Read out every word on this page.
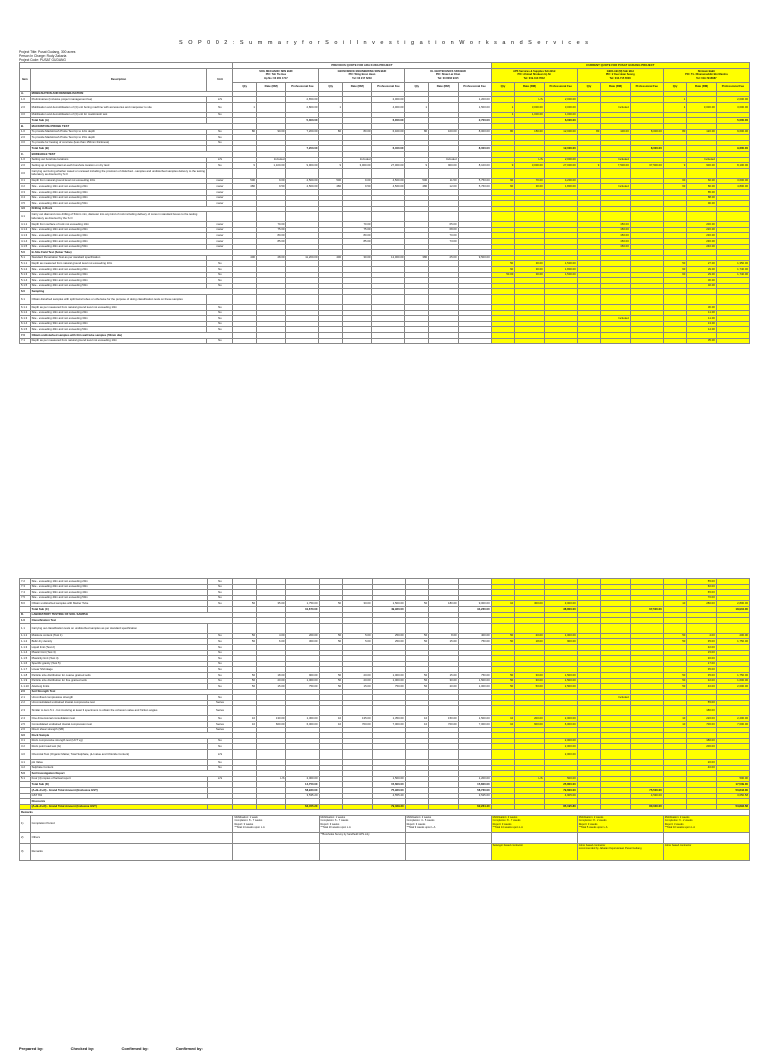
S O P 0 0 2 : S u m m a r y f o r S o i l I n v e s t i g a t i o n W o r k s a n d S e r v i c e s
Project Title: Pusat Gudang, 300 acres
Person In Charge: Rudy Zakaria
Project Code: PUSAT GUDANG
			PREVIOUS QUOTE FOR ARA KUDA PROJECT									CURRENT QUOTE FOR PUSAT GUDANG PROJECT								
Item	Description	Unit	SOIL MECHANIC SDN BHD
PIC: Teh Tie Hee
Hp No: 03 281 1717			GEOSCIENCE ENGINEERING SDN BHD
PIC: Wing Boon Hean
Tel: 03 217 6233			KL GEOTECHNICS SDN BHD
PIC: Shaw Lai Chan
Tel: 03 8062 9315			APS Services & Supplies Sdn Bhd
PIC: Ahmad Shukeen Hj Ali
Tel: 019-313 7842			GEOLAB (M) Sdn Bhd
PIC: Ir Kee Hean Seong
Tel: 016-715 6500			Shimam Bakti
PIC: Tn. Dhanamuddin Bin Mastira
Tel: 019-7916687		
			Qty	Rate (RM)	Professional Fee	Qty	Rate (RM)	Professional Fee	Qty	Rate (RM)	Professional Fee	Qty	Rate (RM)	Professional Fee	Qty	Rate (RM)	Professional Fee	Qty	Rate (RM)	Professional Fee
A.	MOBILISATION AND DEMOBILISATION																			
1.0	Preliminaries (Inclusive project management fee)	L/S			2,650.00			2,000.00			1,200.00		L/S	2,000.00				1		2,000.00
2.0	Mobilisation and demobilisation of (3) unit boring machine with accessories and manpower to site	No	1		2,800.00	1		4,000.00	1		1,500.00	1	3,000.00	3,000.00		Included		1	3,000.00	3,000.00
3.0	Mobilisation and demobilisation of (3) unit for mackintosh test	No										1	1,000.00	1,000.00						
	Total Sub (A)				5,300.00			6,000.00			2,700.00			6,000.00						5,000.00
B.	MACKINTOSH PROBE TEST																			
1.0	To provide Mackintosh Probe Test Up to 12m depth	No	80	90.00	7,200.00	80	80.00	6,400.00	80	100.00	8,000.00	80	150.00	12,000.00	80	100.00	8,000.00	80	120.00	9,600.00
2.0	To provide Mackintosh Probe Test Up to 15m depth	No																		
3.0	To provide for hewing of concrete (less than 150mm thickness)	No																		
	Total Sub (B)				7,200.00			6,400.00			8,000.00			12,000.00			8,000.00			9,600.00
C.	BOREHOLE TEST																			
1.0	Setting out borehole locations	L/S		Included			Included			Included			L/S	2,000.00		Included			Included	
2.0	Setting up of boring plant at each borehole location on dry land	No	9	1,100.00	9,900.00	9	3,000.00	27,000.00	9	900.00	8,100.00	9	3,000.00	27,000.00	9	7,500.00	67,500.00	9	900.00	8,100.00
3.0	Carrying out boring whether cased or uncased including the provision of disturbed - samples and undisturbed samples delivery to the testing laboratory as directed by S.O																			
3.1	Depth from natural ground level not exceeding 10m	meter	500	9.00	4,500.00	500	9.00	4,500.00	500	11.50	5,750.00	60	70.00	4,200.00				60	60.00	3,600.00
3.2	Site - exceeding 10m and not exceeding 20m	meter	480	9.50	4,560.00	480	9.50	4,560.00	480	12.00	5,760.00	60	30.00	1,800.00		Included		60	80.00	4,800.00
3.3	Site - exceeding 20m and not exceeding 30m	meter																	85.00	
3.4	Site - exceeding 30m and not exceeding 40m	meter																	88.00	
3.5	Site - exceeding 40m and not exceeding 50m	meter																	90.00	
4.0	Drilling in Rock																			
4.1	Carry out diamond core drilling of 54mm min, diameter into any kind of rock including delivery of cores in standard boxes to the testing laboratory as directed by the S.O																			
4.1.1	Depth from surface of rock not exceeding 10m	meter		70.00			70.00			65.00						150.00			200.00	
4.1.2	Site - exceeding 10m and not exceeding 20m	meter		75.00			75.00			68.00						150.00			220.00	
4.1.3	Site - exceeding 20m and not exceeding 30m	meter		80.00			80.00			70.00						150.00			230.00	
4.1.4	Site - exceeding 30m and not exceeding 40m	meter		85.00			85.00			73.00						150.00			230.00	
4.1.5	Site - exceeding 40m and not exceeding 50m	meter														150.00			240.00	
5.0	In-Situ Field Test (Soker Tube)																			
5.1	Standard Penetration Test as per standard specification		400	28.00	11,200.00	400	30.00	12,000.00	380	25.00	9,500.00									
5.1.1	Depth as measured from natural ground level not exceeding 10m	No										50	30.00	1,500.00				50	27.00	1,350.00
5.1.2	Site - exceeding 10m and not exceeding 20m	No										60	30.00	1,800.00				60	29.00	1,740.00
5.1.3	Site - exceeding 20m and not exceeding 30m	No										50.00	30.00	1,500.00				60	29.00	1,740.00
5.1.4	Site - exceeding 30m and not exceeding 40m	No																	30.00	
5.1.5	Site - exceeding 40m and not exceeding 50m	No																	32.00	
6.0	Sampling																			
6.1	Obtain disturbed samples with split barrel tubes or otherwise for the purpose of doing classification tests on these samples																			
6.1.1	Depth as per measured from natural ground level not exceeding 10m	No																	30.00	
6.1.2	Site - exceeding 10m and not exceeding 20m	No																	11.00	
6.1.3	Site - exceeding 20m and not exceeding 30m	No														Included			11.00	
6.1.4	Site - exceeding 30m and not exceeding 40m	No																	13.00	
6.1.5	Site - exceeding 40m and not exceeding 50m	No																	14.00	
7.0	Obtain undisturbed samples with thin wall tube samples (50mm dia)																			
7.1	Depth as per measured from natural ground level not exceeding 10m	No																	35.00	
7.2	Site - exceeding 10m and not exceeding 20m	No																	55.00	
7.3	Site - exceeding 20m and not exceeding 30m	No																	60.00	
7.4	Site - exceeding 30m and not exceeding 40m	No																	65.00	
7.5	Site - exceeding 40m and not exceeding 50m	No																	70.00	
8.0	Obtain undisturbed samples with Mazier Tube	No	50	35.00	1,750.00	50	30.00	1,500.00	50	180.00	9,000.00	10	300.00	3,000.00				10	280.00	2,800.00
	Total Sub (C)				31,670.00			49,920.00			34,260.00			38,800.00			67,500.00			18,904.00
D.	LABORATORY TESTING OF SOIL SAMPLE																			
1.0	Classification Test																			
1.1	Carrying out classification tests on undisturbed samples as per standard specification																			
1.1.1	Moisture content (Test 1)	No	50	4.00	200.00	50	5.00	250.00	50	8.00	400.00	50	20.00	1,000.00				50	4.00	200.00
1.1.2	Bulk/ dry density	No	50	6.00	300.00	50	5.00	250.00	50	15.00	750.00	50	18.00	900.00				50	35.00	1,750.00
1.1.3	Liquid limit (Test 2)	No																	32.00	
1.1.4	Plastic limit (Test 3)	No																	15.00	
1.1.5	Plasticity limit (Test 4)	No																	30.00	
1.1.6	Specific gravity (Test 5)	No																	17.00	
1.1.7	Linear Shrinkage	No																	35.00	
1.1.8	Particle size distribution for coarse grained soils	No	50	18.00	900.00	50	20.00	1,000.00	50	15.00	750.00	50	30.00	1,500.00				50	35.00	1,750.00
1.1.9	Particle size distribution for fine grained soils	No	50	20.00	1,000.00	50	20.00	1,000.00	50	30.00	1,500.00	50	30.00	1,500.00				50	32.00	1,600.00
1.1.10	Atteberg limits	No	50	15.00	750.00	50	15.00	750.00	50	20.00	1,000.00	50	50.00	2,500.00				50	40.00	2,000.00
2.0	Soil Strength Test																			
2.1	Unconfined compressive strength	No														Included				
2.2	Unconsolidated undrained triaxial compressive test	Series																	55.00	
2.3	Similar to item 5.1 - but involving at least 3 specimens to obtain the cohesion value and friction angles	Series																	180.00	
2.4	One dimensional consolidation test	No	10	130.00	1,300.00	10	135.00	1,350.00	10	150.00	1,500.00	10	200.00	2,000.00				10	220.00	2,200.00
2.5	Consolidated undrained triaxial compression test	Series	10	600.00	6,000.00	10	700.00	7,000.00	10	700.00	7,000.00	10	600.00	6,000.00				10	700.00	7,000.00
2.6	Direct shear strength (SB)	Series																		
3.0	Rock Sample																			
3.1	Rock compressive strength test (UCT vg)	No												2,000.00					180.00	
3.2	Rock point load test (Is)	No												2,000.00					200.00	
4.0	Chemical Test (Organic Matter, Total Sulphate, pH value and Chloride Content)	L/S												2,000.00						
4.1	pH Value	No																	20.00	
4.2	Sulphate Content	No																	40.00	
5.0	Soil Investigation Report																			
5.1	Four (4) copies of factual report	L/S		L/S	2,000.00			1,500.00			1,200.00		L/S	500.00						500.00
	Total Sub (D)				14,750.00			15,600.00			15,800.00			25,800.00						17,539.00
	(A+B+C+D) - Grand Total Amount (Exclusive GST)				58,920.00			75,920.00			58,760.00			79,600.00			75,500.00			50,843.00
	GST 6%				3,535.20			4,555.20			3,525.60			4,905.00			4,530.00			3,050.58
	Discounts																			
	(A+B+C+D) - Grand Total Amount (Inclusive GST)				62,455.20			79,029.20			62,264.40			85,195.80			80,030.00			53,893.58
Remarks																				
1)	Completion Period		Mobilisation: 1 week
Completion: 8 - 7 weeks
Report: 3 weeks
**Total 14 weeks upon L.A			Mobilisation: 1 weeks
Completion: 6 - 7 weeks
Report: 3 weeks
**Total 10 weeks upon L.A			Mobilisation: 2 weeks
Completion: 4 - 5 weeks
Report: 3 weeks
**Total 9 weeks upon L.A			Mobilisation: 2 weeks
Completion: 8 - 7 weeks
Report: 3 weeks
**Total 14 weeks upon L.A			Mobilisation: 2 weeks
Completion: 8 - 2 weeks
Report: 3 weeks
**Total 5 weeks upon L.A			Mobilisation: 2 weeks
Completion: 6 - 2 weeks
Report: 3 weeks
**Total 10 weeks upon L.A		
2)	Others					**Boreholes Survey by handheld GPS only														
3)	Remarks											Selangor based contractor			Johor based contractor
recommended by Jabatan Kejuruteraan Pusat Gudang			Johor based contractor		
Prepared by:	Checked by:	Confirmed by:	Confirmed by:
